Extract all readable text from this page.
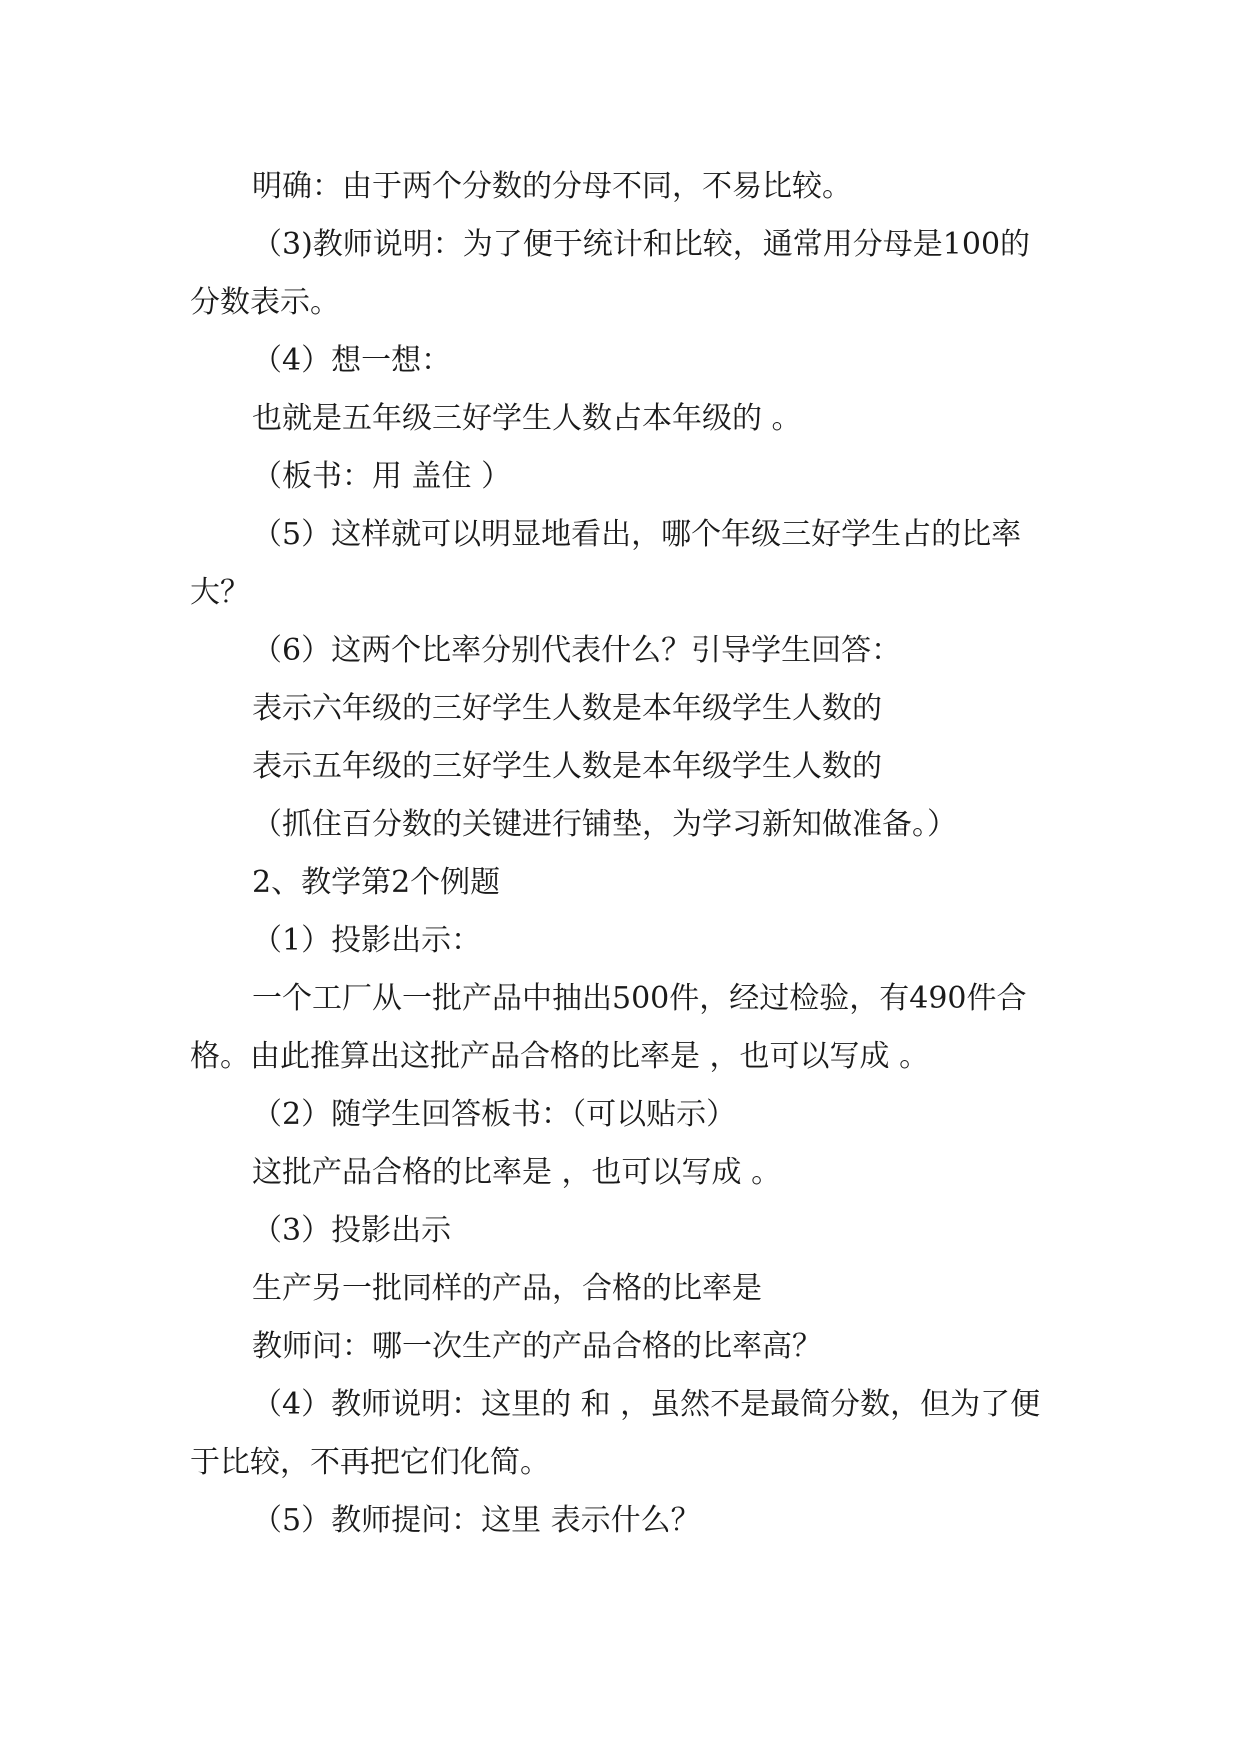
明确：由于两个分数的分母不同，不易比较。

（3)教师说明：为了便于统计和比较，通常用分母是100的分数表示。

（4）想一想：

也就是五年级三好学生人数占本年级的 。

（板书：用 盖住 ）

（5）这样就可以明显地看出，哪个年级三好学生占的比率大？

（6）这两个比率分别代表什么？引导学生回答：

表示六年级的三好学生人数是本年级学生人数的

表示五年级的三好学生人数是本年级学生人数的

（抓住百分数的关键进行铺垫，为学习新知做准备。）

2、教学第2个例题

（1）投影出示：

一个工厂从一批产品中抽出500件，经过检验，有490件合格。由此推算出这批产品合格的比率是 ，也可以写成 。

（2）随学生回答板书：（可以贴示）

这批产品合格的比率是 ，也可以写成 。

（3）投影出示

生产另一批同样的产品，合格的比率是

教师问：哪一次生产的产品合格的比率高？

（4）教师说明：这里的 和 ，虽然不是最简分数，但为了便于比较，不再把它们化简。

（5）教师提问：这里 表示什么？
